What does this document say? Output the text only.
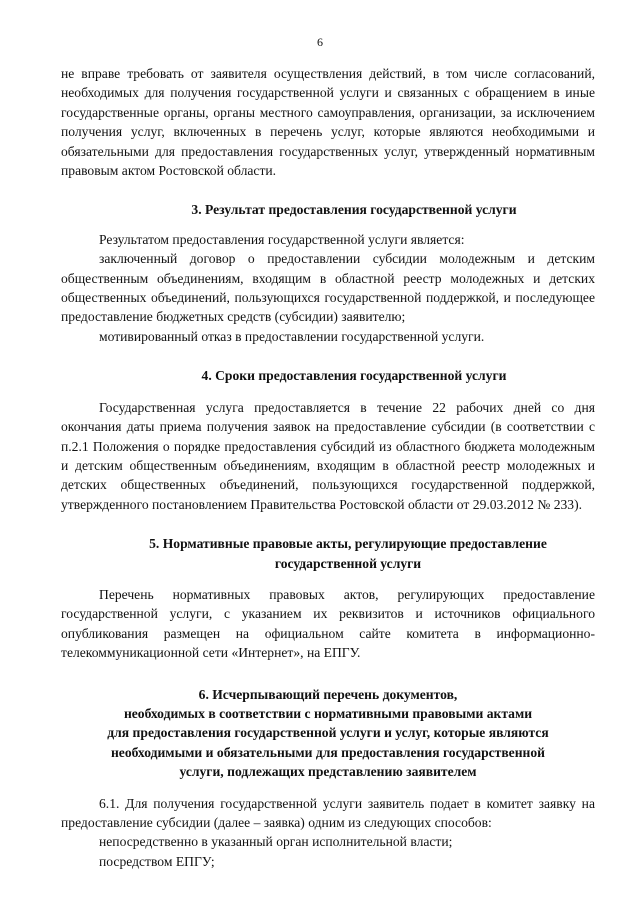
6

не вправе требовать от заявителя осуществления действий, в том числе согласований, необходимых для получения государственной услуги и связанных с обращением в иные государственные органы, органы местного самоуправления, организации, за исключением получения услуг, включенных в перечень услуг, которые являются необходимыми и обязательными для предоставления государственных услуг, утвержденный нормативным правовым актом Ростовской области.

3. Результат предоставления государственной услуги

Результатом предоставления государственной услуги является:

заключенный договор о предоставлении субсидии молодежным и детским общественным объединениям, входящим в областной реестр молодежных и детских общественных объединений, пользующихся государственной поддержкой, и последующее предоставление бюджетных средств (субсидии) заявителю;

мотивированный отказ в предоставлении государственной услуги.

4. Сроки предоставления государственной услуги

Государственная услуга предоставляется в течение 22 рабочих дней со дня окончания даты приема получения заявок на предоставление субсидии (в соответствии с п.2.1 Положения о порядке предоставления субсидий из областного бюджета молодежным и детским общественным объединениям, входящим в областной реестр молодежных и детских общественных объединений, пользующихся государственной поддержкой, утвержденного постановлением Правительства Ростовской области от 29.03.2012 № 233).

5. Нормативные правовые акты, регулирующие предоставление
государственной услуги

Перечень нормативных правовых актов, регулирующих предоставление государственной услуги, с указанием их реквизитов и источников официального опубликования размещен на официальном сайте комитета в информационно-телекоммуникационной сети «Интернет», на ЕПГУ.

6. Исчерпывающий перечень документов,
необходимых в соответствии с нормативными правовыми актами
для предоставления государственной услуги и услуг, которые являются
необходимыми и обязательными для предоставления государственной
услуги, подлежащих представлению заявителем

6.1. Для получения государственной услуги заявитель подает в комитет заявку на предоставление субсидии (далее – заявка) одним из следующих способов:

непосредственно в указанный орган исполнительной власти;

посредством ЕПГУ;
